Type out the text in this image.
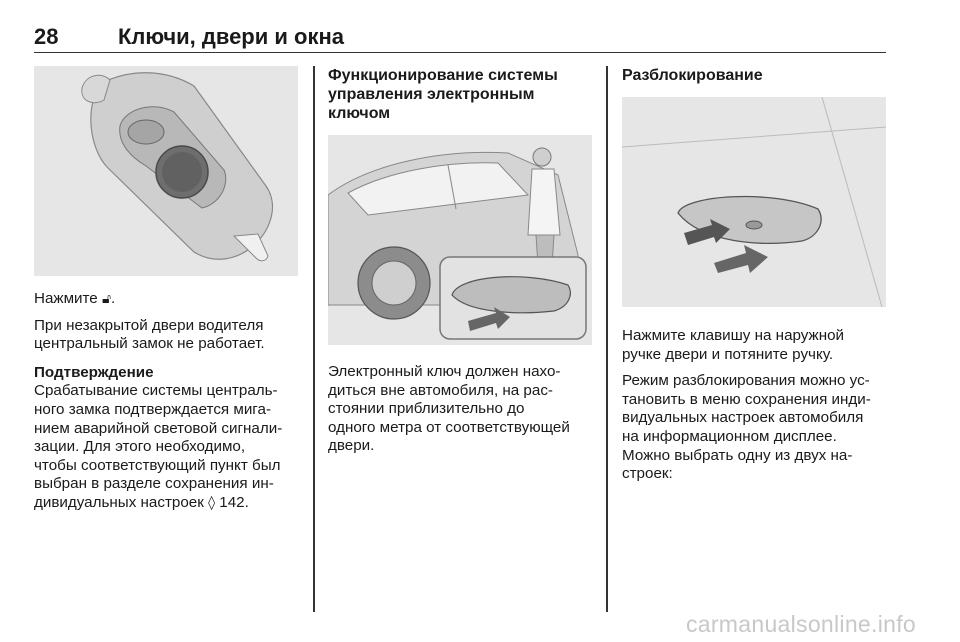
28	Ключи, двери и окна

Нажмите 🔓︎.

При незакрытой двери водителя
центральный замок не работает.

Подтверждение

Срабатывание системы централь-
ного замка подтверждается мига-
нием аварийной световой сигнали-
зации. Для этого необходимо,
чтобы соответствующий пункт был
выбран в разделе сохранения ин-
дивидуальных настроек ◊ 142.

Функционирование системы
управления электронным
ключом

Электронный ключ должен нахо-
диться вне автомобиля, на рас-
стоянии приблизительно до
одного метра от соответствующей
двери.

Разблокирование

Нажмите клавишу на наружной
ручке двери и потяните ручку.

Режим разблокирования можно ус-
тановить в меню сохранения инди-
видуальных настроек автомобиля
на информационном дисплее.
Можно выбрать одну из двух на-
строек:

carmanualsonline.info
